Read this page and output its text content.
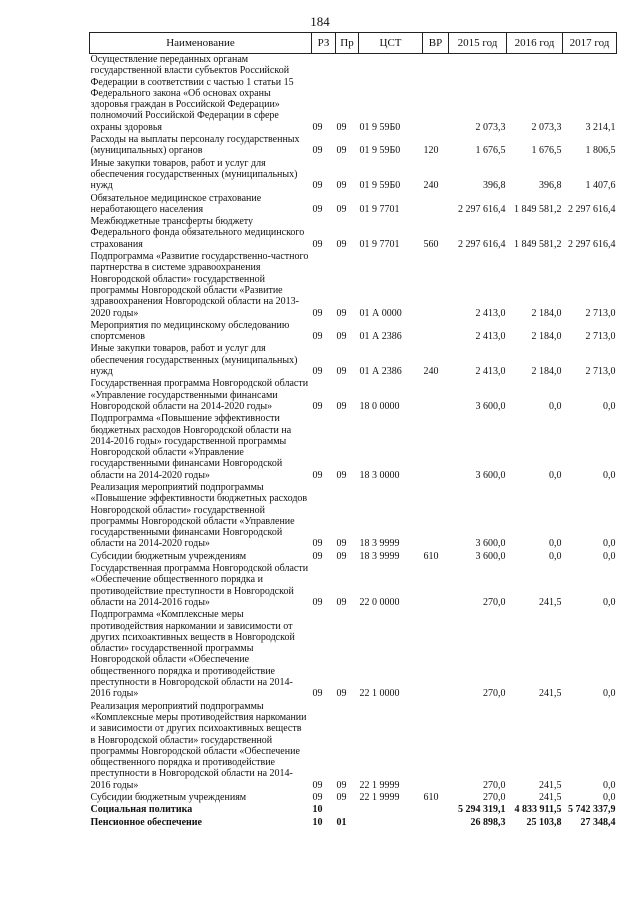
184
Наименование	РЗ	Пр	ЦСТ	ВР	2015 год	2016 год	2017 год
Осуществление переданных органам государственной власти субъектов Российской Федерации в соответствии с частью 1 статьи 15 Федерального закона «Об основах охраны здоровья граждан в Российской Федерации» полномочий Российской Федерации в сфере охраны здоровья	09	09	01 9 59Б0		2 073,3	2 073,3	3 214,1
Расходы на выплаты персоналу государственных (муниципальных) органов	09	09	01 9 59Б0	120	1 676,5	1 676,5	1 806,5
Иные закупки товаров, работ и услуг для обеспечения государственных (муниципальных) нужд	09	09	01 9 59Б0	240	396,8	396,8	1 407,6
Обязательное медицинское страхование неработающего населения	09	09	01 9 7701		2 297 616,4	1 849 581,2	2 297 616,4
Межбюджетные трансферты бюджету Федерального фонда обязательного медицинского страхования	09	09	01 9 7701	560	2 297 616,4	1 849 581,2	2 297 616,4
Подпрограмма «Развитие государственно-частного партнерства в системе здравоохранения Новгородской области» государственной программы Новгородской области «Развитие здравоохранения Новгородской области на 2013-2020 годы»	09	09	01 А 0000		2 413,0	2 184,0	2 713,0
Мероприятия по медицинскому обследованию спортсменов	09	09	01 А 2386		2 413,0	2 184,0	2 713,0
Иные закупки товаров, работ и услуг для обеспечения государственных (муниципальных) нужд	09	09	01 А 2386	240	2 413,0	2 184,0	2 713,0
Государственная программа Новгородской области «Управление государственными финансами Новгородской области на 2014-2020 годы»	09	09	18 0 0000		3 600,0	0,0	0,0
Подпрограмма «Повышение эффективности бюджетных расходов Новгородской области на 2014-2016 годы» государственной программы Новгородской области «Управление государственными финансами Новгородской области на 2014-2020 годы»	09	09	18 3 0000		3 600,0	0,0	0,0
Реализация мероприятий подпрограммы «Повышение эффективности бюджетных расходов Новгородской области» государственной программы Новгородской области «Управление государственными финансами Новгородской области на 2014-2020 годы»	09	09	18 3 9999		3 600,0	0,0	0,0
Субсидии бюджетным учреждениям	09	09	18 3 9999	610	3 600,0	0,0	0,0
Государственная программа Новгородской области «Обеспечение общественного порядка и противодействие преступности в Новгородской области на 2014-2016 годы»	09	09	22 0 0000		270,0	241,5	0,0
Подпрограмма «Комплексные меры противодействия наркомании и зависимости от других психоактивных веществ в Новгородской области» государственной программы Новгородской области «Обеспечение общественного порядка и противодействие преступности в Новгородской области на 2014-2016 годы»	09	09	22 1 0000		270,0	241,5	0,0
Реализация мероприятий подпрограммы «Комплексные меры противодействия наркомании и зависимости от других психоактивных веществ в Новгородской области» государственной программы Новгородской области «Обеспечение общественного порядка и противодействие преступности в Новгородской области на 2014-2016 годы»	09	09	22 1 9999		270,0	241,5	0,0
Субсидии бюджетным учреждениям	09	09	22 1 9999	610	270,0	241,5	0,0
Социальная политика	10				5 294 319,1	4 833 911,5	5 742 337,9
Пенсионное обеспечение	10	01			26 898,3	25 103,8	27 348,4
